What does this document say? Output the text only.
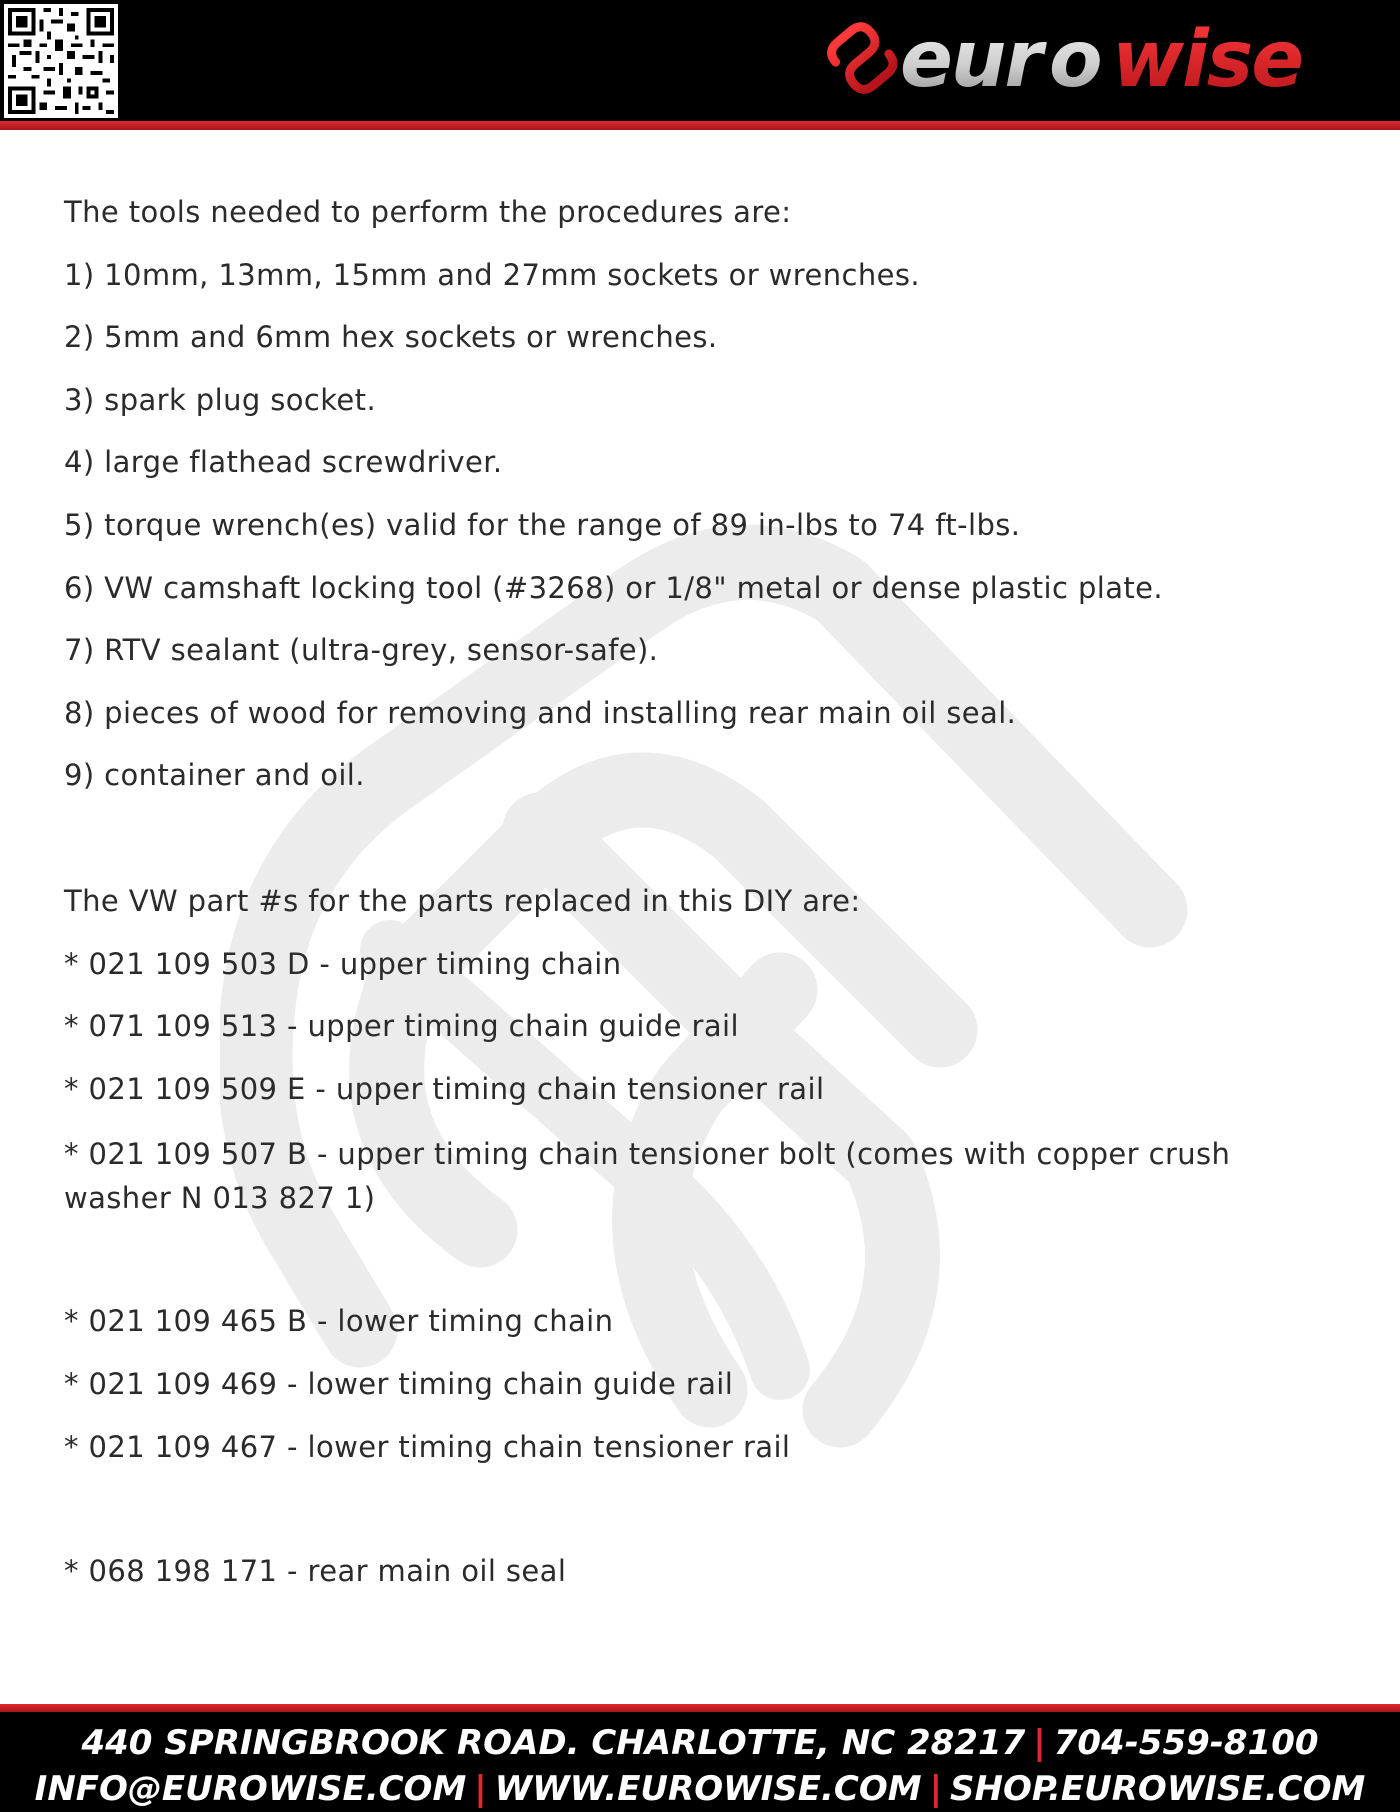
eur o wise

The tools needed to perform the procedures are:

1) 10mm, 13mm, 15mm and 27mm sockets or wrenches.

2) 5mm and 6mm hex sockets or wrenches.

3) spark plug socket.

4) large flathead screwdriver.

5) torque wrench(es) valid for the range of 89 in-lbs to 74 ft-lbs.

6) VW camshaft locking tool (#3268) or 1/8" metal or dense plastic plate.

7) RTV sealant (ultra-grey, sensor-safe).

8) pieces of wood for removing and installing rear main oil seal.

9) container and oil.

The VW part #s for the parts replaced in this DIY are:

* 021 109 503 D - upper timing chain

* 071 109 513 - upper timing chain guide rail

* 021 109 509 E - upper timing chain tensioner rail

* 021 109 507 B - upper timing chain tensioner bolt (comes with copper crush washer N 013 827 1)

* 021 109 465 B - lower timing chain

* 021 109 469 - lower timing chain guide rail

* 021 109 467 - lower timing chain tensioner rail

* 068 198 171 - rear main oil seal

440 SPRINGBROOK ROAD. CHARLOTTE, NC 28217 | 704-559-8100
INFO@EUROWISE.COM | WWW.EUROWISE.COM | SHOP.EUROWISE.COM
